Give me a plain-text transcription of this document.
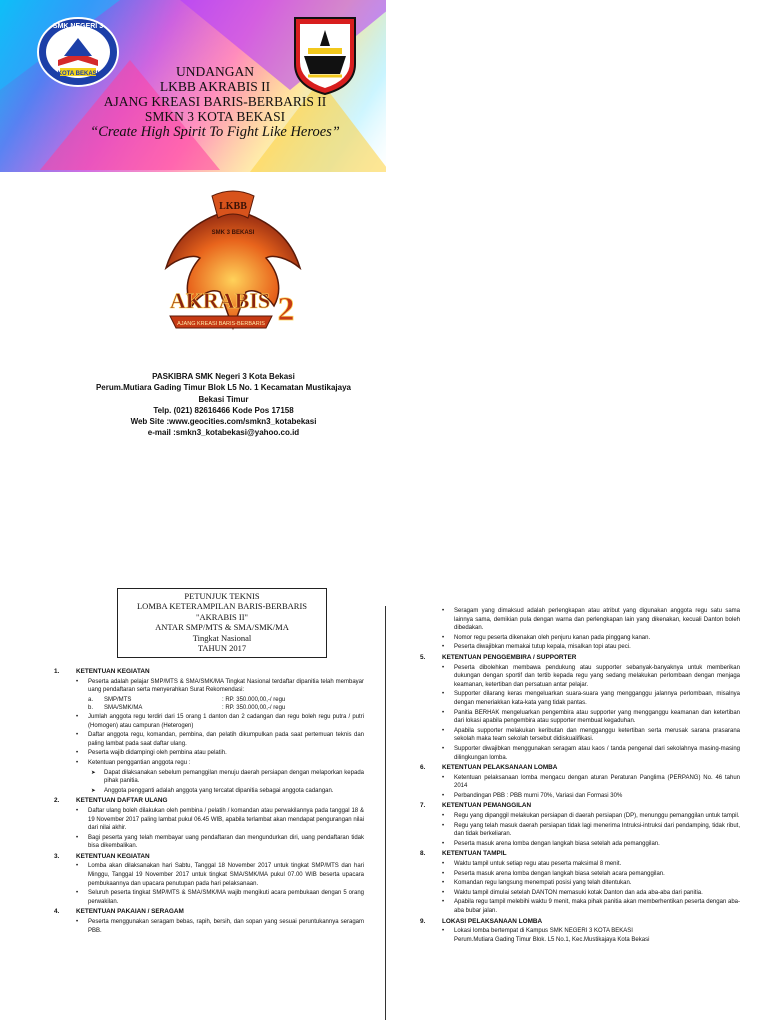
KOTA BEKASI
SMK NEGERI 3
UNDANGAN
LKBB AKRABIS II
AJANG KREASI BARIS-BERBARIS II
SMKN 3 KOTA BEKASI
“Create High Spirit To Fight Like Heroes”
LKBB
SMK 3 BEKASI
AKRABIS 2
AJANG KREASI BARIS-BERBARIS
PASKIBRA SMK Negeri 3 Kota Bekasi
Perum.Mutiara Gading Timur Blok L5 No. 1 Kecamatan Mustikajaya
Bekasi Timur
Telp. (021) 82616466 Kode Pos 17158
Web Site :www.geocities.com/smkn3_kotabekasi
e-mail :smkn3_kotabekasi@yahoo.co.id
PETUNJUK TEKNIS
LOMBA KETERAMPILAN BARIS-BERBARIS
"AKRABIS II"
ANTAR SMP/MTS & SMA/SMK/MA
Tingkat Nasional
TAHUN 2017
1.	KETENTUAN KEGIATAN
• Peserta adalah pelajar SMP/MTS & SMA/SMK/MA Tingkat Nasional terdaftar dipanitia telah membayar uang pendaftaran serta menyerahkan Surat Rekomendasi:
a. SMP/MTS	: RP. 350.000,00,-/ regu
b. SMA/SMK/MA	: RP. 350.000,00,-/ regu
• Jumlah anggota regu terdiri dari 15 orang 1 danton dan 2 cadangan dan regu boleh regu putra / putri (Homogen) atau campuran (Heterogen)
• Daftar anggota regu, komandan, pembina, dan pelatih dikumpulkan pada saat pertemuan teknis dan paling lambat pada saat daftar ulang.
• Peserta wajib didampingi oleh pembina atau pelatih.
• Ketentuan penggantian anggota regu :
➤ Dapat dilaksanakan sebelum pemanggilan menuju daerah persiapan dengan melaporkan kepada pihak panitia.
➤ Anggota pengganti adalah anggota yang tercatat dipanitia sebagai anggota cadangan.
2.	KETENTUAN DAFTAR ULANG
• Daftar ulang boleh dilakukan oleh pembina / pelatih / komandan atau perwakilannya pada tanggal 18 & 19 November 2017 paling lambat pukul 06.45 WIB, apabila terlambat akan mendapat pengurangan nilai dari nilai akhir.
• Bagi peserta yang telah membayar uang pendaftaran dan mengundurkan diri, uang pendaftaran tidak bisa dikembalikan.
3.	KETENTUAN KEGIATAN
• Lomba akan dilaksanakan hari Sabtu, Tanggal 18 November 2017 untuk tingkat SMP/MTS dan hari Minggu, Tanggal 19 November 2017 untuk tingkat SMA/SMK/MA pukul 07.00 WIB beserta upacara pembukaannya dan upacara penutupan pada hari pelaksanaan.
• Seluruh peserta tingkat SMP/MTS & SMA/SMK/MA wajib mengikuti acara pembukaan dengan 5 orang perwakilan.
4.	KETENTUAN PAKAIAN / SERAGAM
• Peserta menggunakan seragam bebas, rapih, bersih, dan sopan yang sesuai peruntukannya seragam PBB.
• Seragam yang dimaksud adalah perlengkapan atau atribut yang digunakan anggota regu satu sama lainnya sama, demikian pula dengan warna dan perlengkapan lain yang dikenakan, kecuali Danton boleh dibedakan.
• Nomor regu peserta dikenakan oleh penjuru kanan pada pinggang kanan.
• Peserta diwajibkan memakai tutup kepala, misalkan topi atau peci.
5.	KETENTUAN PENGGEMBIRA / SUPPORTER
• Peserta dibolehkan membawa pendukung atau supporter sebanyak-banyaknya untuk memberikan dukungan dengan sportif dan tertib kepada regu yang sedang melakukan perlombaan dengan menjaga keamanan, ketertiban dan persatuan antar pelajar.
• Supporter dilarang keras mengeluarkan suara-suara yang mengganggu jalannya perlombaan, misalnya dengan meneriakkan kata-kata yang tidak pantas.
• Panitia BERHAK mengeluarkan pengembira atau supporter yang mengganggu keamanan dan ketertiban dari lokasi apabila pengembira atau supporter membuat kegaduhan.
• Apabila supporter melakukan keributan dan mengganggu ketertiban serta merusak sarana prasarana sekolah maka team sekolah tersebut didiskualifikasi.
• Supporter diwajibkan menggunakan seragam atau kaos / tanda pengenal dari sekolahnya masing-masing dilingkungan lomba.
6.	KETENTUAN PELAKSANAAN LOMBA
• Ketentuan pelaksanaan lomba mengacu dengan aturan Peraturan Panglima (PERPANG) No. 46 tahun 2014
• Perbandingan PBB : PBB murni 70%, Variasi dan Formasi 30%
7.	KETENTUAN PEMANGGILAN
• Regu yang dipanggil melakukan persiapan di daerah persiapan (DP), menunggu pemanggilan untuk tampil.
• Regu yang telah masuk daerah persiapan tidak lagi menerima Intruksi-intruksi dari pendamping, tidak ribut, dan tidak berkeliaran.
• Peserta masuk arena lomba dengan langkah biasa setelah ada pemanggilan.
8.	KETENTUAN TAMPIL
• Waktu tampil untuk setiap regu atau peserta maksimal 8 menit.
• Peserta masuk arena lomba dengan langkah biasa setelah acara pemanggilan.
• Komandan regu langsung menempati posisi yang telah ditentukan.
• Waktu tampil dimulai setelah DANTON memasuki kotak Danton dan ada aba-aba dari panitia.
• Apabila regu tampil melebihi waktu 9 menit, maka pihak panitia akan memberhentikan peserta dengan aba-aba bubar jalan.
9.	LOKASI PELAKSANAAN LOMBA
• Lokasi lomba bertempat di Kampus SMK NEGERI 3 KOTA BEKASI
Perum.Mutiara Gading Timur Blok. L5 No.1, Kec.Mustikajaya Kota Bekasi
